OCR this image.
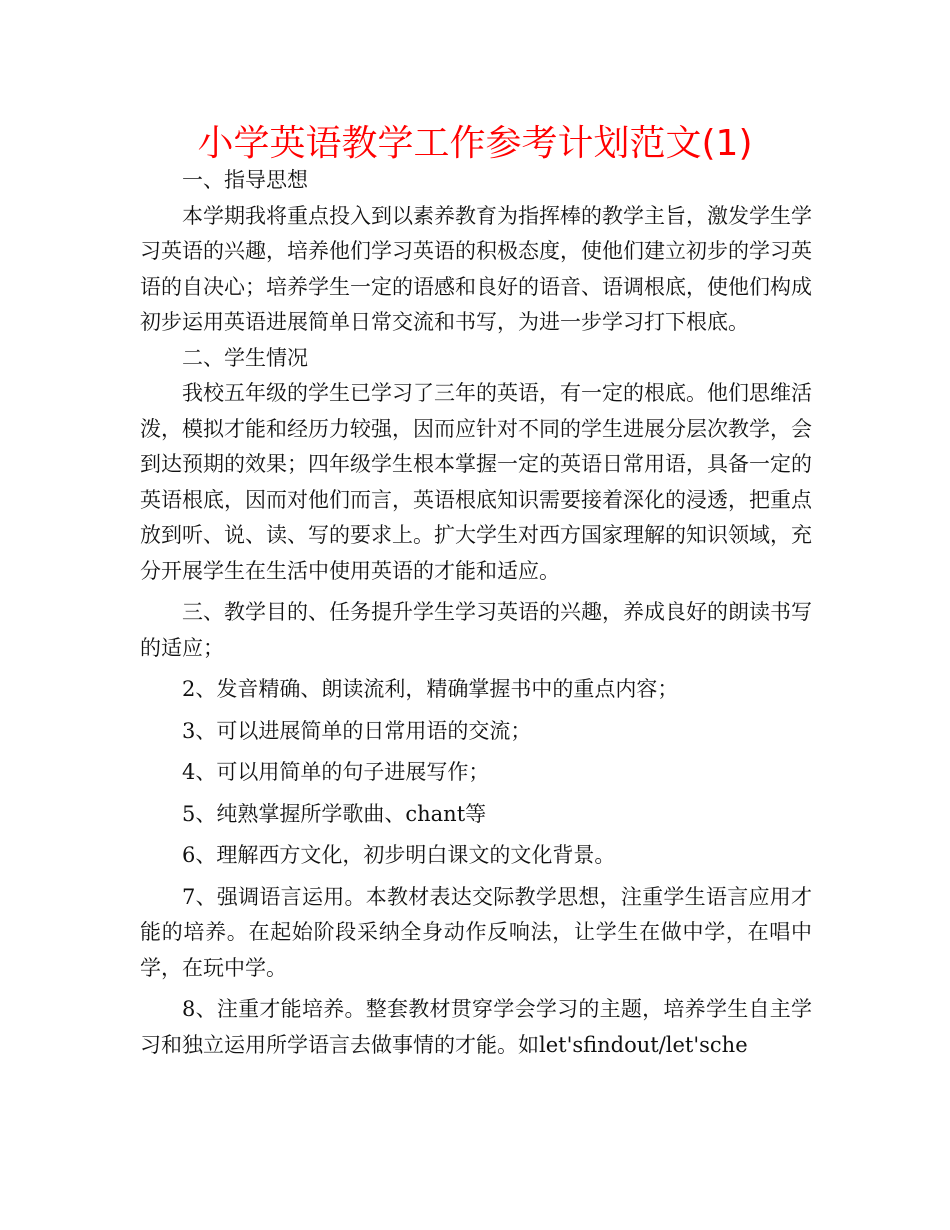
小学英语教学工作参考计划范文(1)

一、指导思想

本学期我将重点投入到以素养教育为指挥棒的教学主旨，激发学生学习英语的兴趣，培养他们学习英语的积极态度，使他们建立初步的学习英语的自决心；培养学生一定的语感和良好的语音、语调根底，使他们构成初步运用英语进展简单日常交流和书写，为进一步学习打下根底。

二、学生情况

我校五年级的学生已学习了三年的英语，有一定的根底。他们思维活泼，模拟才能和经历力较强，因而应针对不同的学生进展分层次教学，会到达预期的效果；四年级学生根本掌握一定的英语日常用语，具备一定的英语根底，因而对他们而言，英语根底知识需要接着深化的浸透，把重点放到听、说、读、写的要求上。扩大学生对西方国家理解的知识领域，充分开展学生在生活中使用英语的才能和适应。

三、教学目的、任务提升学生学习英语的兴趣，养成良好的朗读书写的适应；

2、发音精确、朗读流利，精确掌握书中的重点内容；

3、可以进展简单的日常用语的交流；

4、可以用简单的句子进展写作；

5、纯熟掌握所学歌曲、chant等

6、理解西方文化，初步明白课文的文化背景。

7、强调语言运用。本教材表达交际教学思想，注重学生语言应用才能的培养。在起始阶段采纳全身动作反响法，让学生在做中学，在唱中学，在玩中学。

8、注重才能培养。整套教材贯穿学会学习的主题，培养学生自主学习和独立运用所学语言去做事情的才能。如let'sfindout/let'sche
